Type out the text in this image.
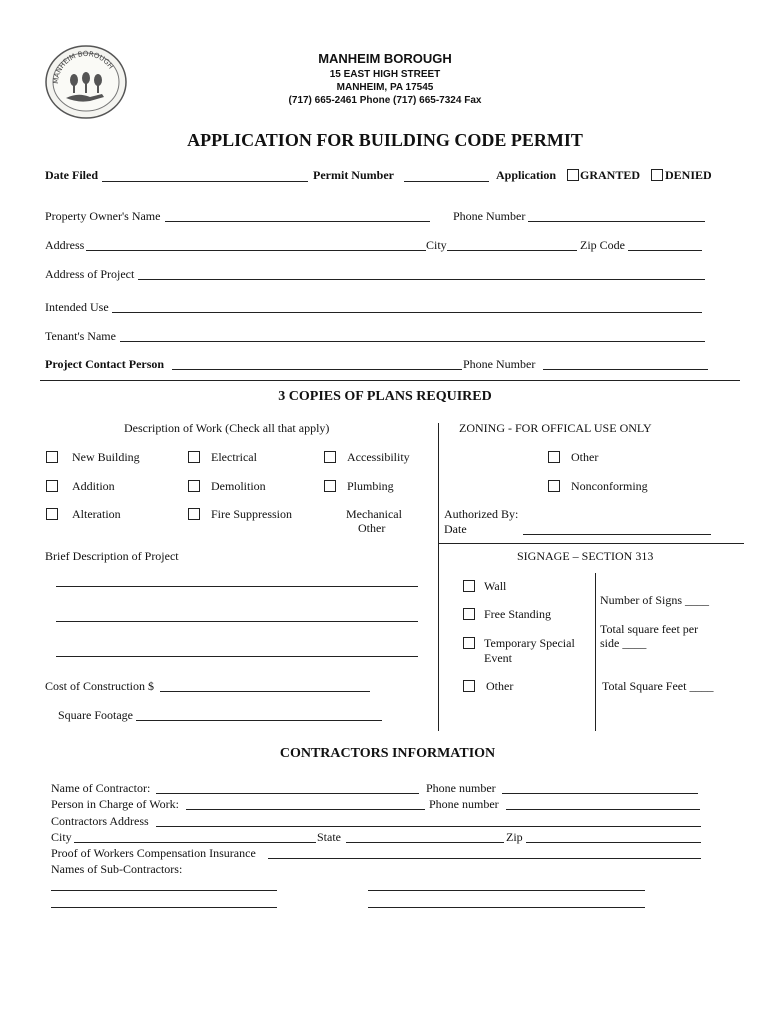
MANHEIM BOROUGH
MANHEIM BOROUGH
15 EAST HIGH STREET
MANHEIM, PA 17545
(717) 665-2461 Phone (717) 665-7324 Fax
APPLICATION FOR BUILDING CODE PERMIT
Date Filed	Permit Number	Application GRANTED DENIED
Property Owner's Name	Phone Number
Address	City	Zip Code
Address of Project
Intended Use
Tenant's Name
Project Contact Person	Phone Number
3 COPIES OF PLANS REQUIRED
Description of Work (Check all that apply)
New Building	Electrical	Accessibility
Addition	Demolition	Plumbing
Alteration	Fire Suppression	Mechanical
Other
Brief Description of Project
Cost of Construction $
Square Footage
ZONING - FOR OFFICAL USE ONLY
Other
Nonconforming
Authorized By:
Date
SIGNAGE – SECTION 313
Wall
Free Standing
Temporary Special
Event
Other
Number of Signs ____
Total square feet per
side ____
Total Square Feet ____
CONTRACTORS INFORMATION
Name of Contractor:	Phone number
Person in Charge of Work:	Phone number
Contractors Address
City	State	Zip
Proof of Workers Compensation Insurance
Names of Sub-Contractors:
